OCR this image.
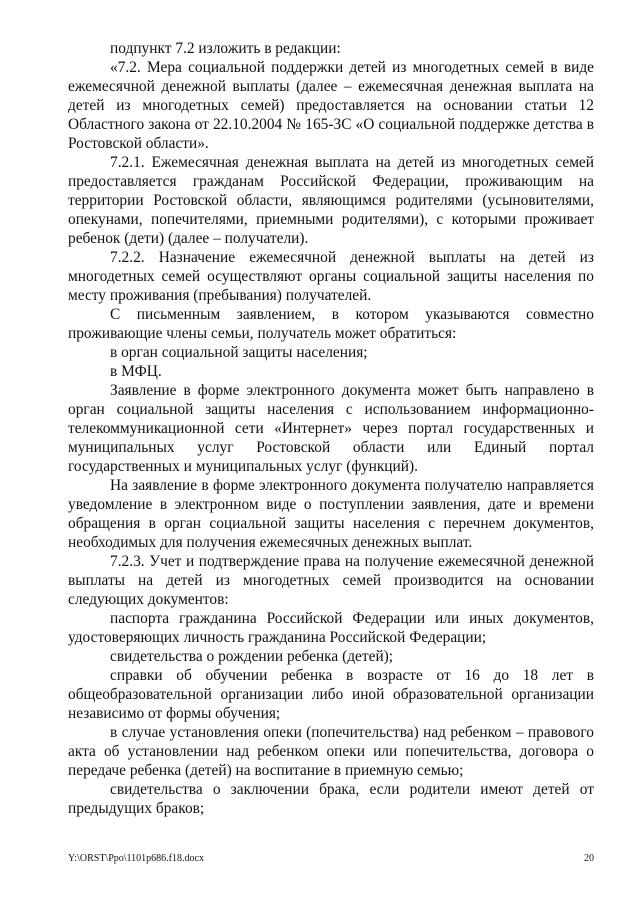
подпункт 7.2 изложить в редакции:

«7.2. Мера социальной поддержки детей из многодетных семей в виде ежемесячной денежной выплаты (далее – ежемесячная денежная выплата на детей из многодетных семей) предоставляется на основании статьи 12 Областного закона от 22.10.2004 № 165-ЗС «О социальной поддержке детства в Ростовской области».

7.2.1. Ежемесячная денежная выплата на детей из многодетных семей предоставляется гражданам Российской Федерации, проживающим на территории Ростовской области, являющимся родителями (усыновителями, опекунами, попечителями, приемными родителями), с которыми проживает ребенок (дети) (далее – получатели).

7.2.2. Назначение ежемесячной денежной выплаты на детей из многодетных семей осуществляют органы социальной защиты населения по месту проживания (пребывания) получателей.

С письменным заявлением, в котором указываются совместно проживающие члены семьи, получатель может обратиться:

в орган социальной защиты населения;

в МФЦ.

Заявление в форме электронного документа может быть направлено в орган социальной защиты населения с использованием информационно-телекоммуникационной сети «Интернет» через портал государственных и муниципальных услуг Ростовской области или Единый портал государственных и муниципальных услуг (функций).

На заявление в форме электронного документа получателю направляется уведомление в электронном виде о поступлении заявления, дате и времени обращения в орган социальной защиты населения с перечнем документов, необходимых для получения ежемесячных денежных выплат.

7.2.3. Учет и подтверждение права на получение ежемесячной денежной выплаты на детей из многодетных семей производится на основании следующих документов:

паспорта гражданина Российской Федерации или иных документов, удостоверяющих личность гражданина Российской Федерации;

свидетельства о рождении ребенка (детей);

справки об обучении ребенка в возрасте от 16 до 18 лет в общеобразовательной организации либо иной образовательной организации независимо от формы обучения;

в случае установления опеки (попечительства) над ребенком – правового акта об установлении над ребенком опеки или попечительства, договора о передаче ребенка (детей) на воспитание в приемную семью;

свидетельства о заключении брака, если родители имеют детей от предыдущих браков;

Y:\ORST\Ppo\1101p686.f18.docx	20
